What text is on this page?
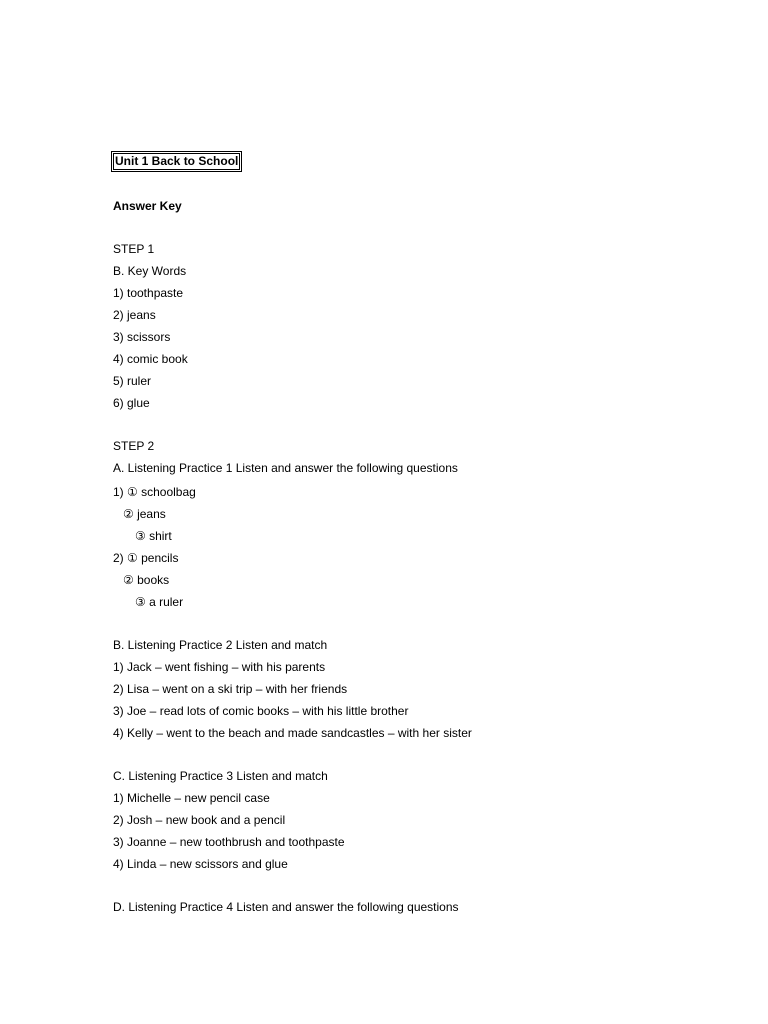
Unit 1 Back to School
Answer Key
STEP 1
B. Key Words
1) toothpaste
2) jeans
3) scissors
4) comic book
5) ruler
6) glue
STEP 2
A. Listening Practice 1 Listen and answer the following questions
1) ① schoolbag
② jeans
③ shirt
2) ① pencils
② books
③ a ruler
B. Listening Practice 2 Listen and match
1) Jack – went fishing – with his parents
2) Lisa – went on a ski trip – with her friends
3) Joe – read lots of comic books – with his little brother
4) Kelly – went to the beach and made sandcastles – with her sister
C. Listening Practice 3 Listen and match
1) Michelle – new pencil case
2) Josh – new book and a pencil
3) Joanne – new toothbrush and toothpaste
4) Linda – new scissors and glue
D. Listening Practice 4 Listen and answer the following questions
